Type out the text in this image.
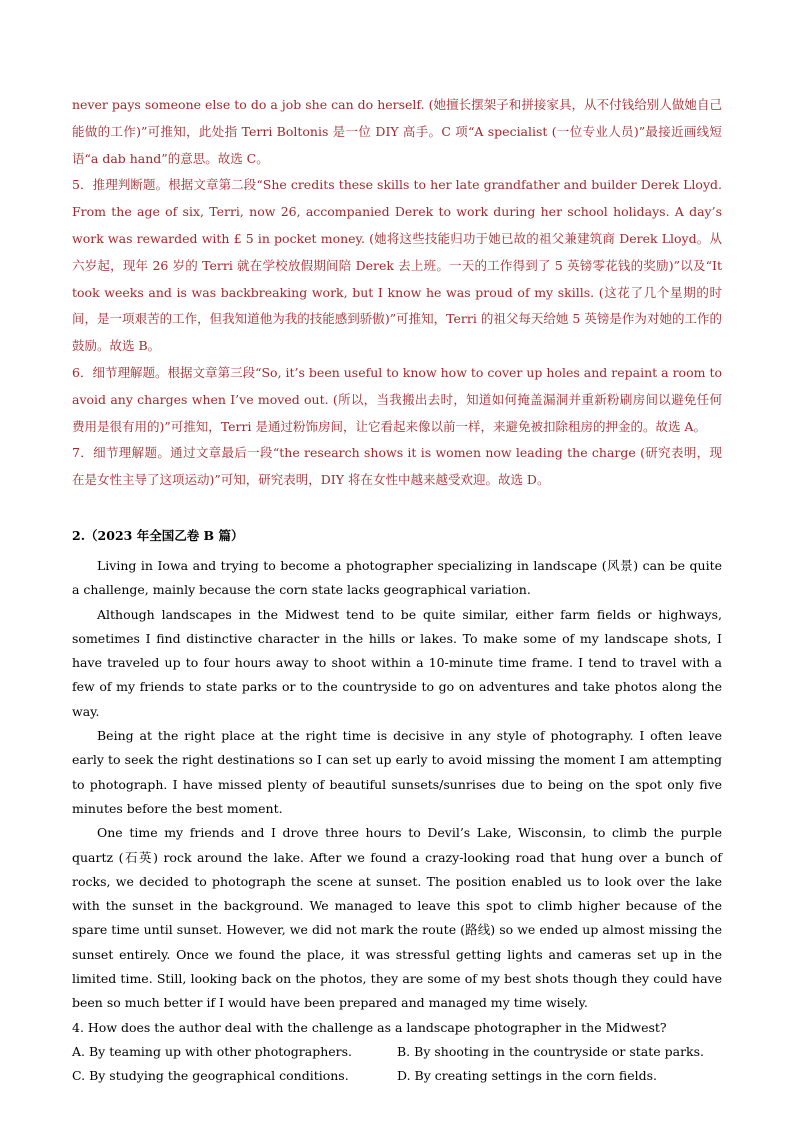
never pays someone else to do a job she can do herself. (她擅长摆架子和拼接家具，从不付钱给别人做她自己能做的工作)”可推知，此处指 Terri Boltonis 是一位 DIY 高手。C 项“A specialist (一位专业人员)”最接近画线短语“a dab hand”的意思。故选 C。

5．推理判断题。根据文章第二段“She credits these skills to her late grandfather and builder Derek Lloyd. From the age of six, Terri, now 26, accompanied Derek to work during her school holidays. A day’s work was rewarded with £ 5 in pocket money. (她将这些技能归功于她已故的祖父兼建筑商 Derek Lloyd。从六岁起，现年 26 岁的 Terri 就在学校放假期间陪 Derek 去上班。一天的工作得到了 5 英镑零花钱的奖励)”以及“It took weeks and is was backbreaking work, but I know he was proud of my skills. (这花了几个星期的时间，是一项艰苦的工作，但我知道他为我的技能感到骄傲)”可推知，Terri 的祖父每天给她 5 英镑是作为对她的工作的鼓励。故选 B。

6．细节理解题。根据文章第三段“So, it’s been useful to know how to cover up holes and repaint a room to avoid any charges when I’ve moved out. (所以，当我搬出去时，知道如何掩盖漏洞并重新粉刷房间以避免任何费用是很有用的)”可推知，Terri 是通过粉饰房间，让它看起来像以前一样，来避免被扣除租房的押金的。故选 A。

7．细节理解题。通过文章最后一段“the research shows it is women now leading the charge (研究表明，现在是女性主导了这项运动)”可知，研究表明，DIY 将在女性中越来越受欢迎。故选 D。

2.（2023 年全国乙卷 B 篇）

Living in Iowa and trying to become a photographer specializing in landscape (风景) can be quite a challenge, mainly because the corn state lacks geographical variation.

Although landscapes in the Midwest tend to be quite similar, either farm fields or highways, sometimes I find distinctive character in the hills or lakes. To make some of my landscape shots, I have traveled up to four hours away to shoot within a 10-minute time frame. I tend to travel with a few of my friends to state parks or to the countryside to go on adventures and take photos along the way.

Being at the right place at the right time is decisive in any style of photography. I often leave early to seek the right destinations so I can set up early to avoid missing the moment I am attempting to photograph. I have missed plenty of beautiful sunsets/sunrises due to being on the spot only five minutes before the best moment.

One time my friends and I drove three hours to Devil’s Lake, Wisconsin, to climb the purple quartz (石英) rock around the lake. After we found a crazy-looking road that hung over a bunch of rocks, we decided to photograph the scene at sunset. The position enabled us to look over the lake with the sunset in the background. We managed to leave this spot to climb higher because of the spare time until sunset. However, we did not mark the route (路线) so we ended up almost missing the sunset entirely. Once we found the place, it was stressful getting lights and cameras set up in the limited time. Still, looking back on the photos, they are some of my best shots though they could have been so much better if I would have been prepared and managed my time wisely.

4. How does the author deal with the challenge as a landscape photographer in the Midwest?

A. By teaming up with other photographers.	B. By shooting in the countryside or state parks.
C. By studying the geographical conditions.	D. By creating settings in the corn fields.
